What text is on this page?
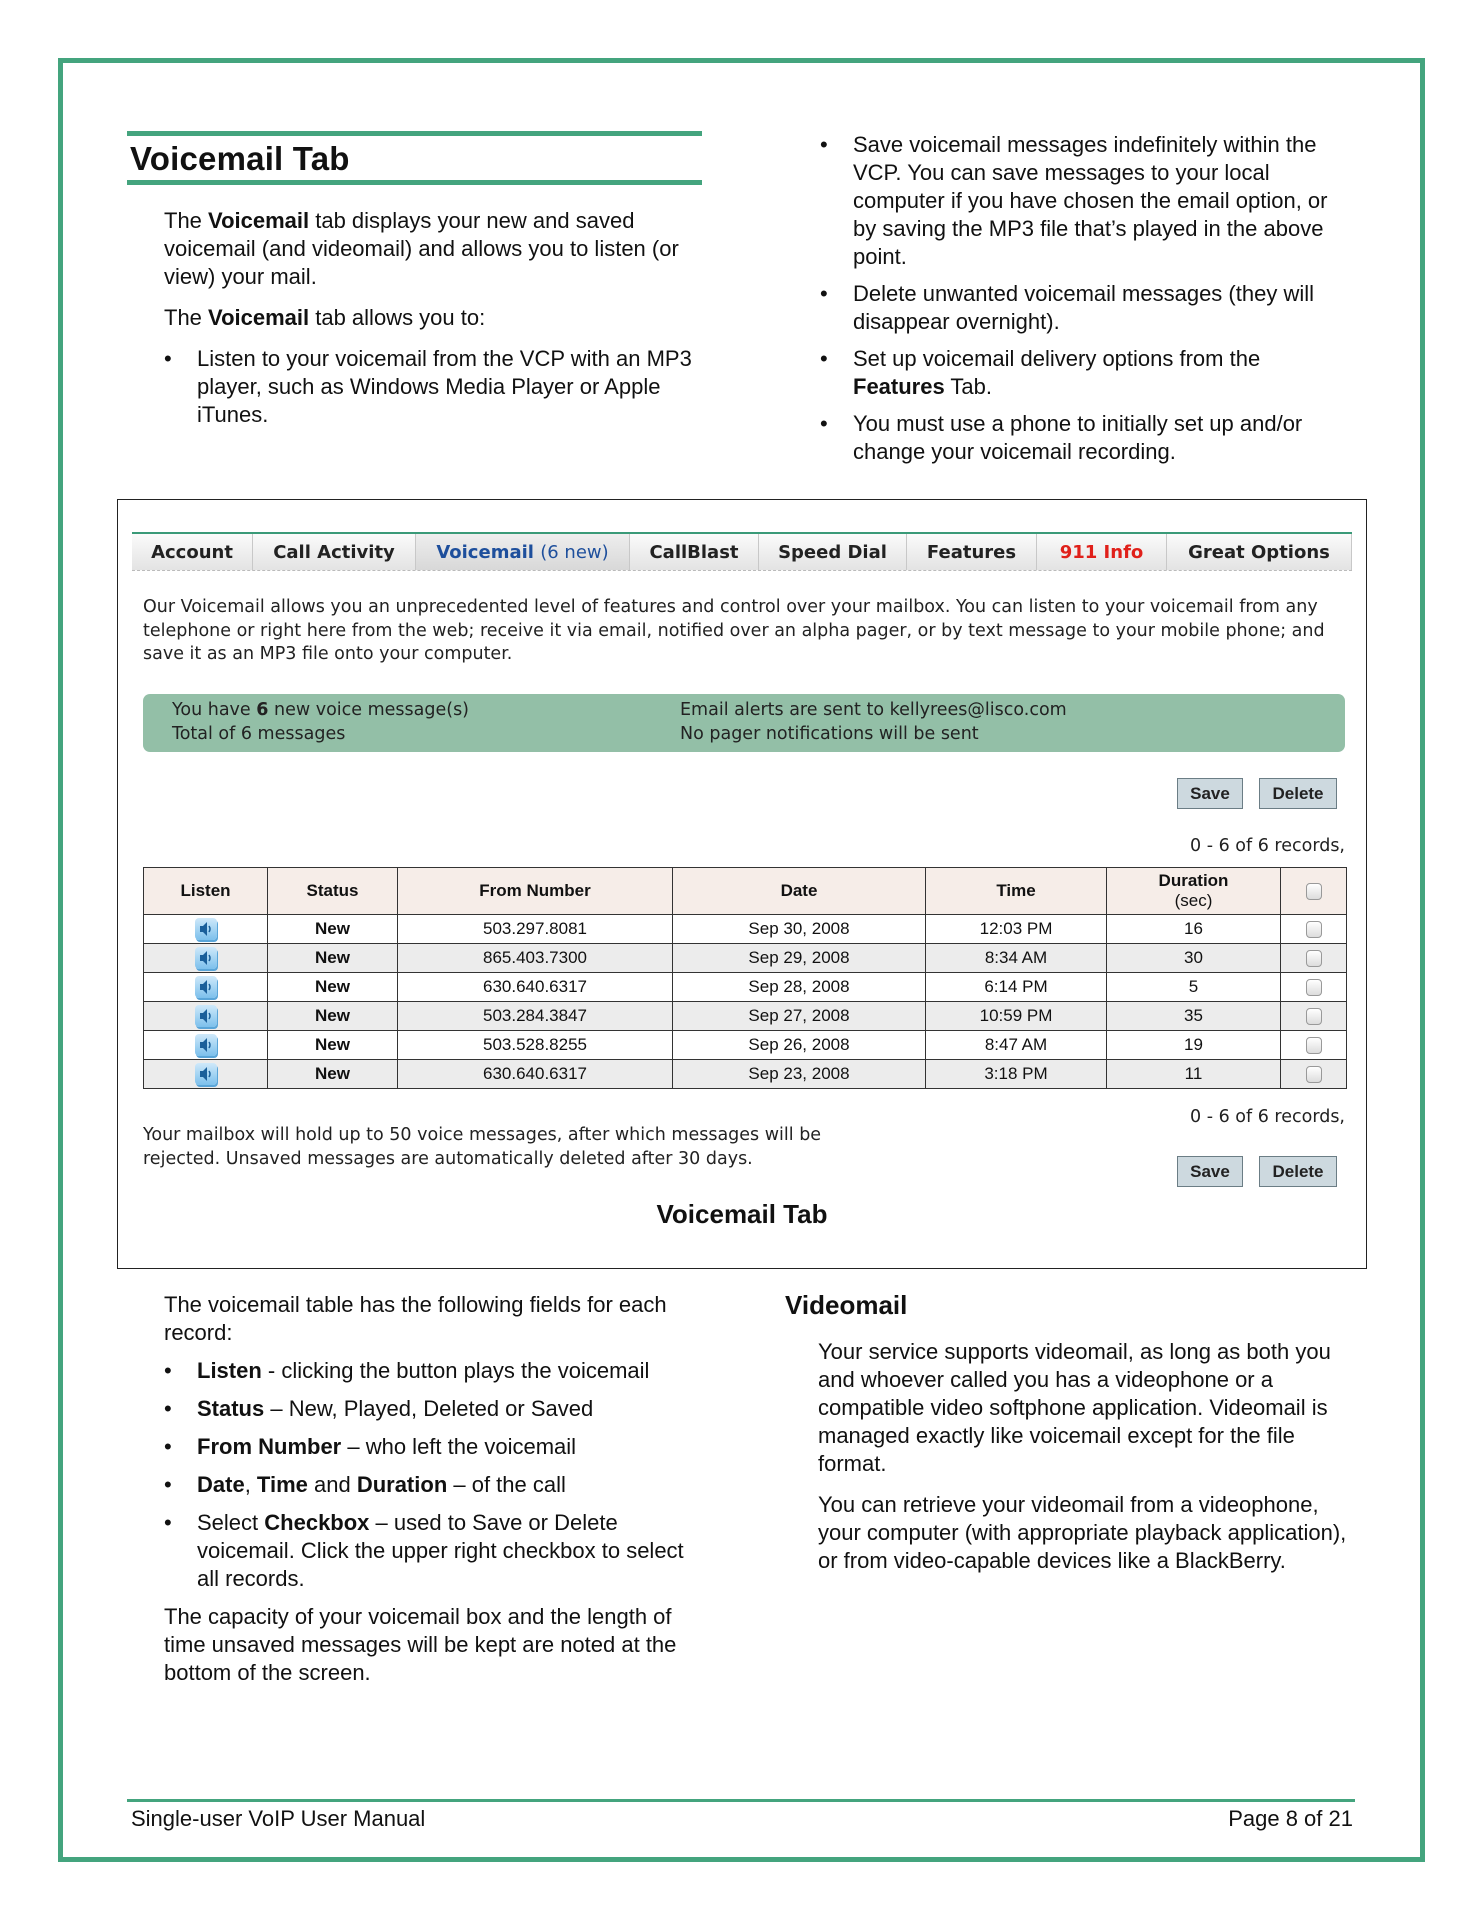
Voicemail Tab

The Voicemail tab displays your new and saved voicemail (and videomail) and allows you to listen (or view) your mail.

The Voicemail tab allows you to:

• Listen to your voicemail from the VCP with an MP3 player, such as Windows Media Player or Apple iTunes.
• Save voicemail messages indefinitely within the VCP. You can save messages to your local computer if you have chosen the email option, or by saving the MP3 file that’s played in the above point.
• Delete unwanted voicemail messages (they will disappear overnight).
• Set up voicemail delivery options from the Features Tab.
• You must use a phone to initially set up and/or change your voicemail recording.
Account	Call Activity	Voicemail
(6 new)	CallBlast	Speed Dial	Features	911 Info	Great Options
Our Voicemail allows you an unprecedented level of features and control over your mailbox. You can listen to your voicemail from any telephone or right here from the web; receive it via email, notified over an alpha pager, or by text message to your mobile phone; and save it as an MP3 file onto your computer.
You have 6 new voice message(s)
Total of 6 messages
Email alerts are sent to kellyrees@lisco.com
No pager notifications will be sent
Save	Delete
0 - 6 of 6 records,
Listen	Status	From Number	Date	Time	Duration
(sec)	

	New	503.297.8081	Sep 30, 2008	12:03 PM	16	

	New	865.403.7300	Sep 29, 2008	8:34 AM	30	

	New	630.640.6317	Sep 28, 2008	6:14 PM	5	

	New	503.284.3847	Sep 27, 2008	10:59 PM	35	

	New	503.528.8255	Sep 26, 2008	8:47 AM	19	

	New	630.640.6317	Sep 23, 2008	3:18 PM	11	
0 - 6 of 6 records,
Your mailbox will hold up to 50 voice messages, after which messages will be rejected. Unsaved messages are automatically deleted after 30 days.
Save	Delete
Voicemail Tab

The voicemail table has the following fields for each record:

• Listen - clicking the button plays the voicemail
• Status – New, Played, Deleted or Saved
• From Number – who left the voicemail
• Date, Time and Duration – of the call
• Select Checkbox – used to Save or Delete voicemail. Click the upper right checkbox to select all records.

The capacity of your voicemail box and the length of time unsaved messages will be kept are noted at the bottom of the screen.

Videomail

Your service supports videomail, as long as both you and whoever called you has a videophone or a compatible video softphone application. Videomail is managed exactly like voicemail except for the file format.

You can retrieve your videomail from a videophone, your computer (with appropriate playback application), or from video-capable devices like a BlackBerry.

Single-user VoIP User Manual	Page 8 of 21
